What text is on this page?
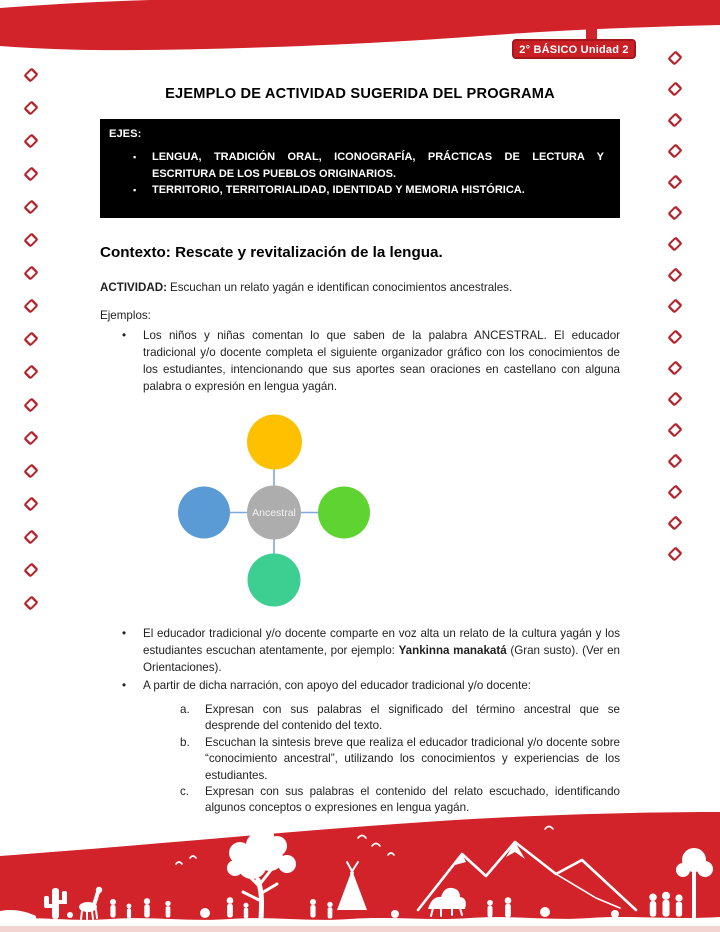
2° BÁSICO Unidad 2
EJEMPLO DE ACTIVIDAD SUGERIDA DEL PROGRAMA
EJES:
▪	LENGUA, TRADICIÓN ORAL, ICONOGRAFÍA, PRÁCTICAS DE LECTURA Y ESCRITURA DE LOS PUEBLOS ORIGINARIOS.
▪	TERRITORIO, TERRITORIALIDAD, IDENTIDAD Y MEMORIA HISTÓRICA.
Contexto: Rescate y revitalización de la lengua.
ACTIVIDAD: Escuchan un relato yagán e identifican conocimientos ancestrales.
Ejemplos:
•	Los niños y niñas comentan lo que saben de la palabra ANCESTRAL. El educador tradicional y/o docente completa el siguiente organizador gráfico con los conocimientos de los estudiantes, intencionando que sus aportes sean oraciones en castellano con alguna palabra o expresión en lengua yagán.
Ancestral
•	El educador tradicional y/o docente comparte en voz alta un relato de la cultura yagán y los estudiantes escuchan atentamente, por ejemplo: Yankinna manakatá (Gran susto). (Ver en Orientaciones).
•	A partir de dicha narración, con apoyo del educador tradicional y/o docente:
a.	Expresan con sus palabras el significado del término ancestral que se desprende del contenido del texto.
b.	Escuchan la sintesis breve que realiza el educador tradicional y/o docente sobre “conocimiento ancestral”, utilizando los conocimientos y experiencias de los estudiantes.
c.	Expresan con sus palabras el contenido del relato escuchado, identificando algunos conceptos o expresiones en lengua yagán.
